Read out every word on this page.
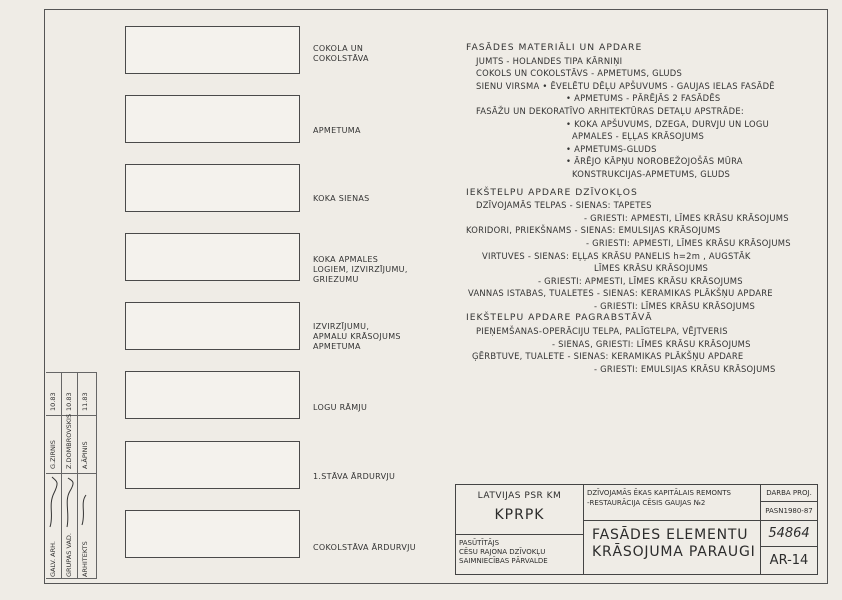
COKOLA UN
COKOLSTĀVA
APMETUMA
KOKA SIENAS
KOKA APMALES
LOGIEM, IZVIRZĪJUMU,
GRIEZUMU
IZVIRZĪJUMU,
APMALU KRĀSOJUMS
APMETUMA
LOGU RĀMJU
1.STĀVA ĀRDURVJU
COKOLSTĀVA ĀRDURVJU
FASĀDES MATERIĀLI UN APDARE
JUMTS - HOLANDES TIPA KĀRNIŅI
COKOLS UN COKOLSTĀVS - APMETUMS, GLUDS
SIENU VIRSMA • ĒVELĒTU DĒĻU APŠUVUMS - GAUJAS IELAS FASĀDĒ
• APMETUMS - PĀRĒJĀS 2 FASĀDĒS
FASĀŽU UN DEKORATĪVO ARHITEKTŪRAS DETAĻU APSTRĀDE:
• KOKA APŠUVUMS, DZEGA, DURVJU UN LOGU
APMALES - EĻĻAS KRĀSOJUMS
• APMETUMS-GLUDS
• ĀRĒJO KĀPŅU NOROBEŽOJOŠĀS MŪRA
KONSTRUKCIJAS-APMETUMS, GLUDS
IEKŠTELPU APDARE DZĪVOKĻOS
DZĪVOJAMĀS TELPAS - SIENAS: TAPETES
- GRIESTI: APMESTI, LĪMES KRĀSU KRĀSOJUMS
KORIDORI, PRIEKŠNAMS - SIENAS: EMULSIJAS KRĀSOJUMS
- GRIESTI: APMESTI, LĪMES KRĀSU KRĀSOJUMS
VIRTUVES - SIENAS: EĻĻAS KRĀSU PANELIS h=2m , AUGSTĀK
LĪMES KRĀSU KRĀSOJUMS
- GRIESTI: APMESTI, LĪMES KRĀSU KRĀSOJUMS
VANNAS ISTABAS, TUALETES - SIENAS: KERAMIKAS PLĀKŠŅU APDARE
- GRIESTI: LĪMES KRĀSU KRĀSOJUMS
IEKŠTELPU APDARE PAGRABSTĀVĀ
PIEŅEMŠANAS-OPERĀCIJU TELPA, PALĪGTELPA, VĒJTVERIS
- SIENAS, GRIESTI: LĪMES KRĀSU KRĀSOJUMS
ĢĒRBTUVE, TUALETE - SIENAS: KERAMIKAS PLĀKŠŅU APDARE
- GRIESTI: EMULSIJAS KRĀSU KRĀSOJUMS
LATVIJAS PSR KM
KPRPK
PASŪTĪTĀJS
CĒSU RAJONA DZĪVOKĻU
SAIMNIECĪBAS PĀRVALDE
DZĪVOJAMĀS ĒKAS KAPITĀLAIS REMONTS
-RESTAURĀCIJA CĒSIS GAUJAS №2
FASĀDES ELEMENTU
KRĀSOJUMA PARAUGI
DARBA PROJ.
PASN1980-87
54864
AR-14
GALV. ARH. GRUPAS VAD. ARHITEKTS
G.ZIRNIS Z.DOMBROVSKIS A.ĀPINIS
10.83 10.83 11.83
